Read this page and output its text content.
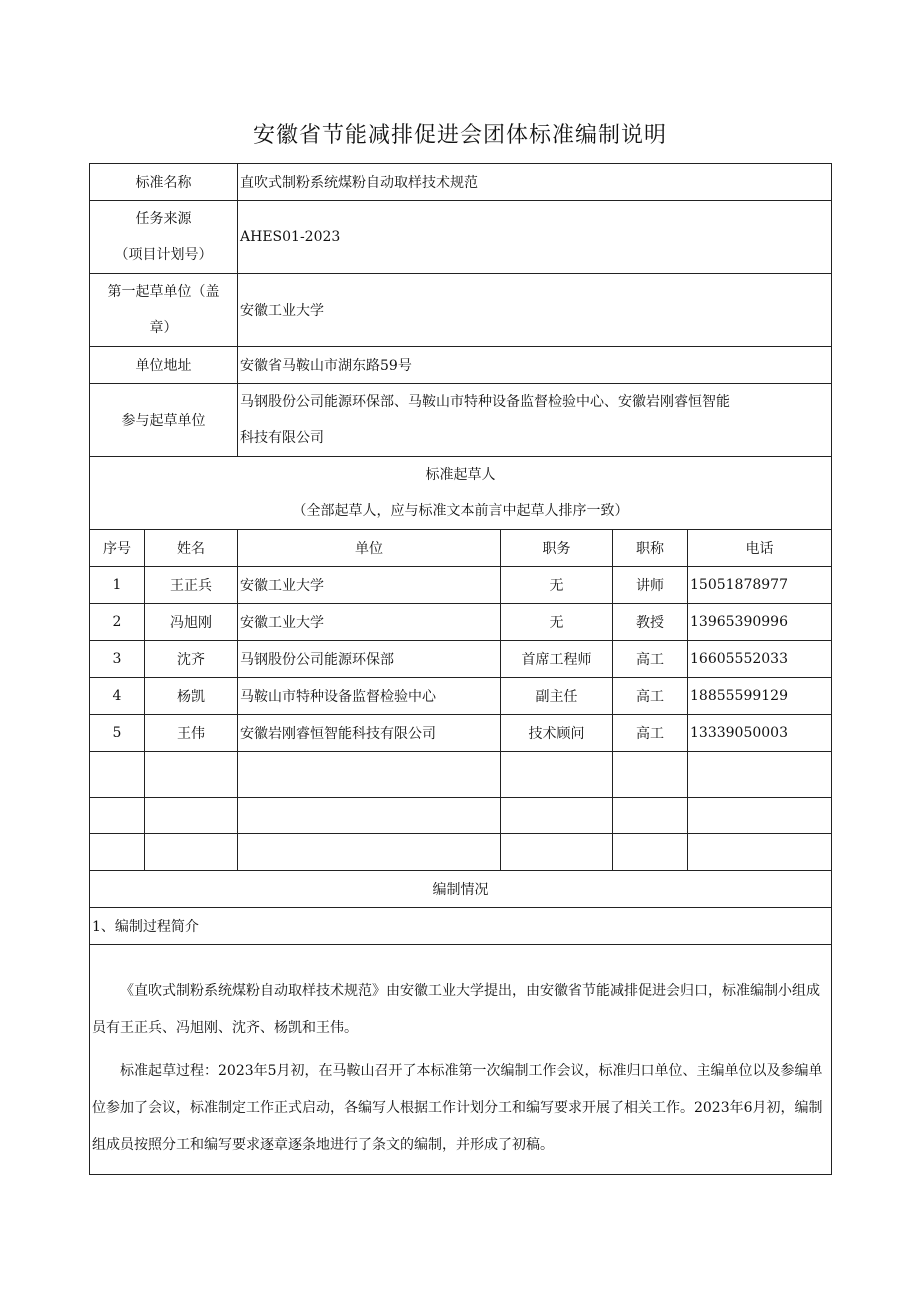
安徽省节能减排促进会团体标准编制说明
标准名称		直吹式制粉系统煤粉自动取样技术规范			

任务来源
（项目计划号）		AHES01-2023			

第一起草单位（盖
章）		安徽工业大学			
单位地址		安徽省马鞍山市湖东路59号			
参与起草单位		马钢股份公司能源环保部、马鞍山市特种设备监督检验中心、安徽岩刚睿恒智能
科技有限公司			

标准起草人
（全部起草人，应与标准文本前言中起草人排序一致）					

序号	姓名	单位	职务	职称	电话
1	王正兵	安徽工业大学	无	讲师	15051878977
2	冯旭刚	安徽工业大学	无	教授	13965390996
3	沈齐	马钢股份公司能源环保部	首席工程师	高工	16605552033
4	杨凯	马鞍山市特种设备监督检验中心	副主任	高工	18855599129
5	王伟	安徽岩刚睿恒智能科技有限公司	技术顾问	高工	13339050003

编制情况					
1、编制过程简介					

《直吹式制粉系统煤粉自动取样技术规范》由安徽工业大学提出，由安徽省节能减排促进会归口，标准编制小组成员有王正兵、冯旭刚、沈齐、杨凯和王伟。

标准起草过程：2023年5月初，在马鞍山召开了本标准第一次编制工作会议，标准归口单位、主编单位以及参编单位参加了会议，标准制定工作正式启动，各编写人根据工作计划分工和编写要求开展了相关工作。2023年6月初，编制组成员按照分工和编写要求逐章逐条地进行了条文的编制，并形成了初稿。					
